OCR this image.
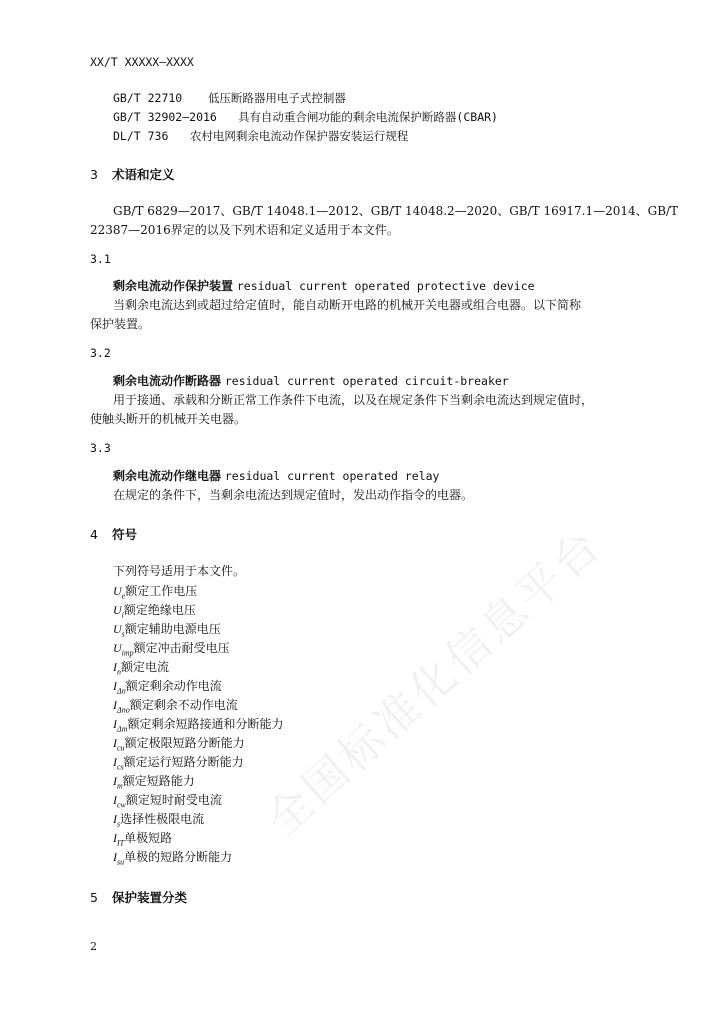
全国标准化信息平台
XX/T XXXXX—XXXX
GB/T 22710 低压断路器用电子式控制器
GB/T 32902—2016 具有自动重合闸功能的剩余电流保护断路器(CBAR)
DL/T 736 农村电网剩余电流动作保护器安装运行规程
3 术语和定义
GB/T 6829—2017、GB/T 14048.1—2012、GB/T 14048.2—2020、GB/T 16917.1—2014、GB/T
22387—2016界定的以及下列术语和定义适用于本文件。
3.1
剩余电流动作保护装置 residual current operated protective device
当剩余电流达到或超过给定值时，能自动断开电路的机械开关电器或组合电器。以下简称
保护装置。
3.2
剩余电流动作断路器 residual current operated circuit-breaker
用于接通、承载和分断正常工作条件下电流，以及在规定条件下当剩余电流达到规定值时，
使触头断开的机械开关电器。
3.3
剩余电流动作继电器 residual current operated relay
在规定的条件下，当剩余电流达到规定值时，发出动作指令的电器。
4 符号
下列符号适用于本文件。
$U_e$额定工作电压
$U_i$额定绝缘电压
$U_s$额定辅助电源电压
$U_{imp}$额定冲击耐受电压
$I_n$额定电流
$I_{\Delta n}$额定剩余动作电流
$I_{\Delta no}$额定剩余不动作电流
$I_{\Delta m}$额定剩余短路接通和分断能力
$I_{cu}$额定极限短路分断能力
$I_{cs}$额定运行短路分断能力
$I_m$额定短路能力
$I_{cw}$额定短时耐受电流
$I_s$选择性极限电流
$I_{IT}$单极短路
$I_{su}$单极的短路分断能力
5 保护装置分类
2
